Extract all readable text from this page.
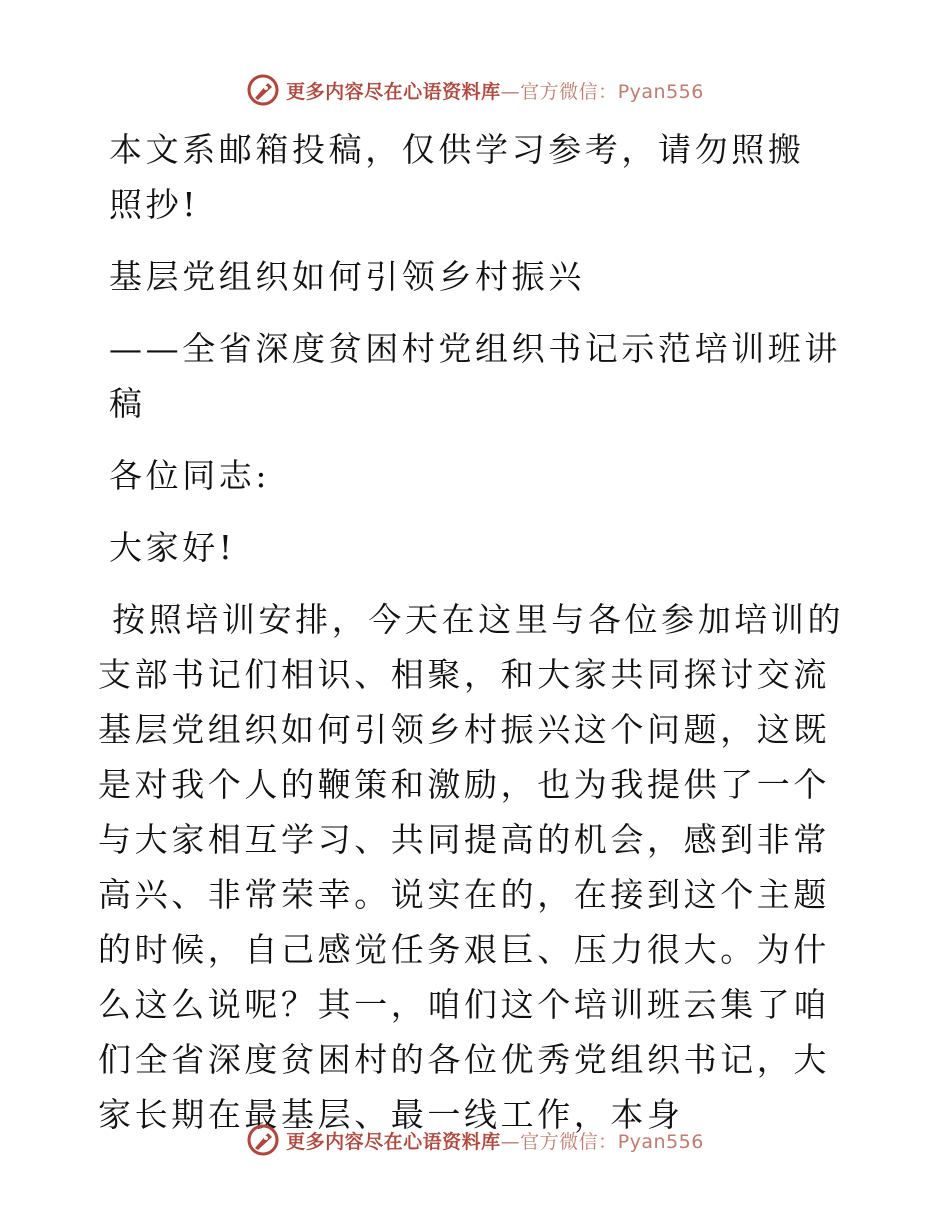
更多内容尽在心语资料库—官方微信：Pyan556

本文系邮箱投稿，仅供学习参考，请勿照搬照抄!

基层党组织如何引领乡村振兴

——全省深度贫困村党组织书记示范培训班讲稿

各位同志:

大家好!

按照培训安排，今天在这里与各位参加培训的支部书记们相识、相聚，和大家共同探讨交流基层党组织如何引领乡村振兴这个问题，这既是对我个人的鞭策和激励，也为我提供了一个与大家相互学习、共同提高的机会，感到非常高兴、非常荣幸。说实在的，在接到这个主题的时候，自己感觉任务艰巨、压力很大。为什么这么说呢？其一，咱们这个培训班云集了咱们全省深度贫困村的各位优秀党组织书记，大家长期在最基层、最一线工作，本身

更多内容尽在心语资料库—官方微信：Pyan556
